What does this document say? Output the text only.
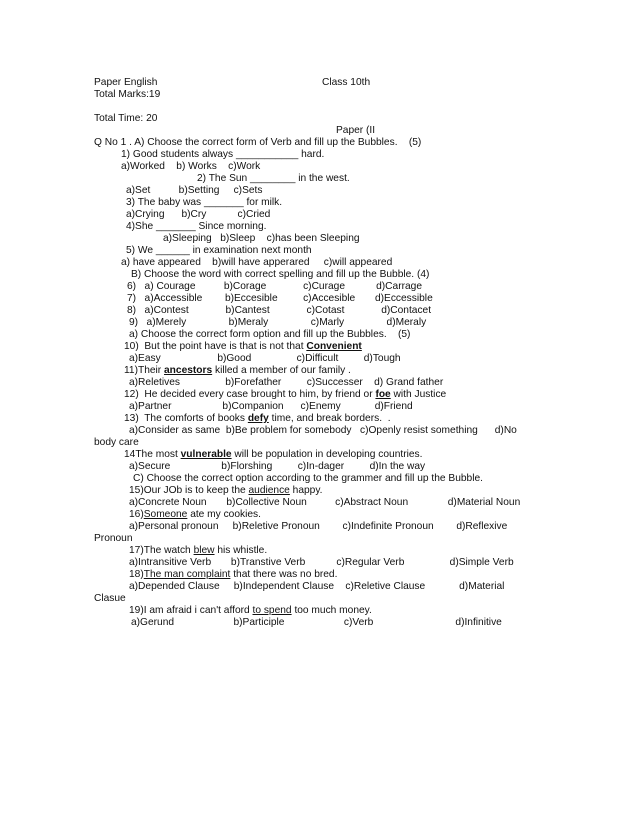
Paper English	Class 10th
Total Marks:19
Total Time: 20
Paper (II
Q No 1 . A) Choose the correct form of Verb and fill up the Bubbles.    (5)
1) Good students always ___________ hard.
a)Worked    b) Works    c)Work
2) The Sun ________ in the west.
a)Set          b)Setting     c)Sets
3) The baby was _______ for milk.
a)Crying      b)Cry           c)Cried
4)She _______ Since morning.
a)Sleeping   b)Sleep    c)has been Sleeping
5) We ______ in examination next month
a) have appeared    b)will have apperared     c)will appeared
B) Choose the word with correct spelling and fill up the Bubble. (4)
6)   a) Courage          b)Corage             c)Curage           d)Carrage
7)   a)Accessible        b)Eccesible         c)Accesible       d)Eccessible
8)   a)Contest             b)Cantest             c)Cotast             d)Contacet
9)   a)Merely               b)Meraly               c)Marly               d)Meraly
a) Choose the correct form option and fill up the Bubbles.    (5)
10)  But the point have is that is not that Convenient
a)Easy                    b)Good                c)Difficult         d)Tough
11)Their ancestors killed a member of our family .
a)Reletives                b)Forefather         c)Successer    d) Grand father
12)  He decided every case brought to him, by friend or foe with Justice
a)Partner                  b)Companion      c)Enemy            d)Friend
13)  The comforts of books defy time, and break borders.  .
a)Consider as same  b)Be problem for somebody   c)Openly resist something      d)No
body care
14The most vulnerable will be population in developing countries.
a)Secure                  b)Florshing         c)In-dager         d)In the way
C) Choose the correct option according to the grammer and fill up the Bubble.
15)Our JOb is to keep the audience happy.
a)Concrete Noun       b)Collective Noun          c)Abstract Noun              d)Material Noun
16)Someone ate my cookies.
a)Personal pronoun     b)Reletive Pronoun        c)Indefinite Pronoun        d)Reflexive
Pronoun
17)The watch blew his whistle.
a)Intransitive Verb       b)Transtive Verb           c)Regular Verb                d)Simple Verb
18)The man complaint that there was no bred.
a)Depended Clause     b)Independent Clause    c)Reletive Clause            d)Material
Clasue
19)I am afraid i can't afford to spend too much money.
a)Gerund                     b)Participle                     c)Verb                             d)Infinitive
